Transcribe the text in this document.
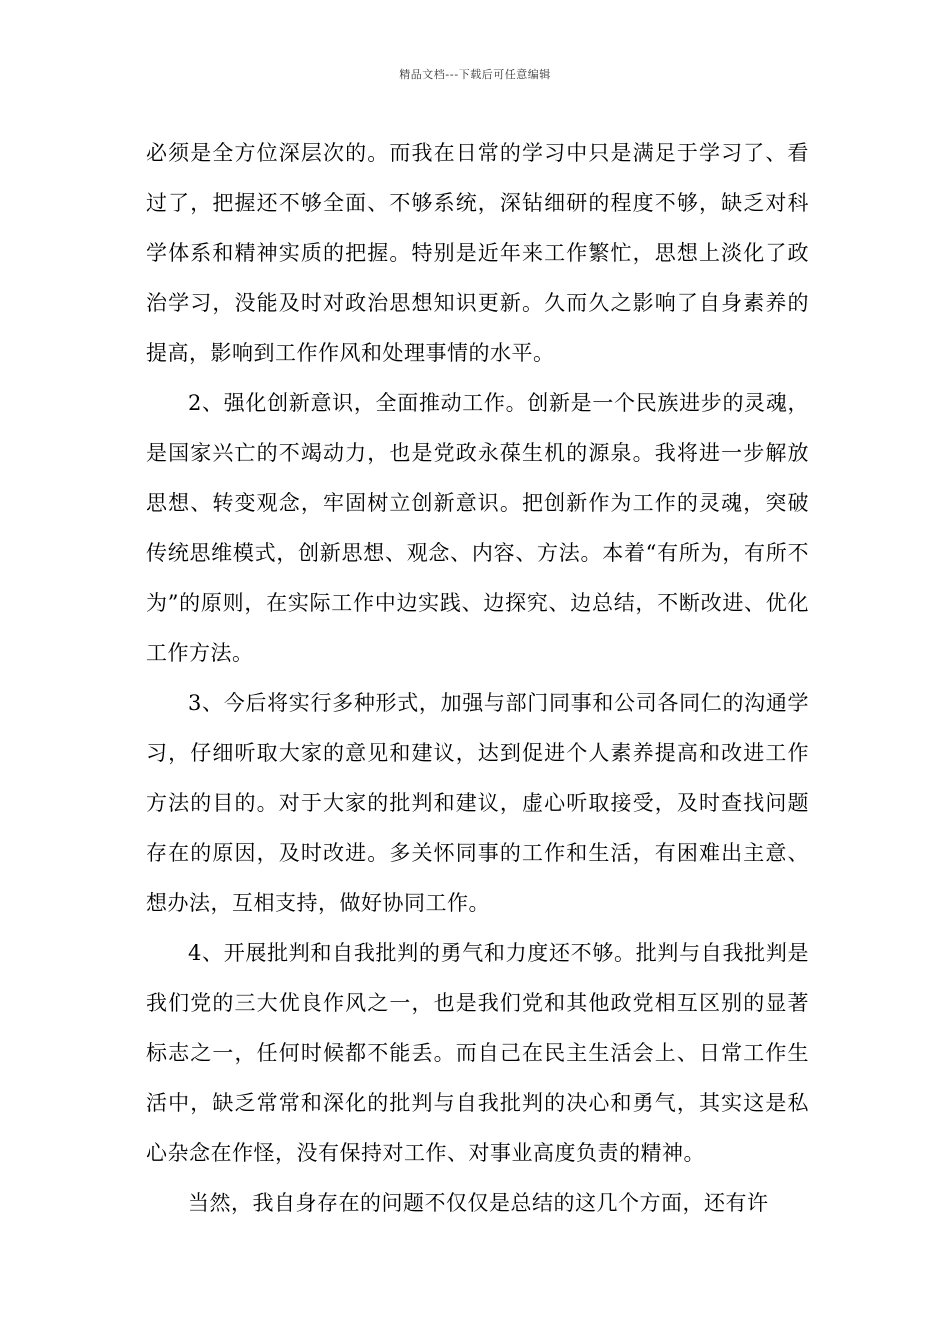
精品文档---下载后可任意编辑

必须是全方位深层次的。而我在日常的学习中只是满足于学习了、看过了，把握还不够全面、不够系统，深钻细研的程度不够，缺乏对科学体系和精神实质的把握。特别是近年来工作繁忙，思想上淡化了政治学习，没能及时对政治思想知识更新。久而久之影响了自身素养的提高，影响到工作作风和处理事情的水平。

2、强化创新意识，全面推动工作。创新是一个民族进步的灵魂，是国家兴亡的不竭动力，也是党政永葆生机的源泉。我将进一步解放思想、转变观念，牢固树立创新意识。把创新作为工作的灵魂，突破传统思维模式，创新思想、观念、内容、方法。本着“有所为，有所不为”的原则，在实际工作中边实践、边探究、边总结，不断改进、优化工作方法。

3、今后将实行多种形式，加强与部门同事和公司各同仁的沟通学习，仔细听取大家的意见和建议，达到促进个人素养提高和改进工作方法的目的。对于大家的批判和建议，虚心听取接受，及时查找问题存在的原因，及时改进。多关怀同事的工作和生活，有困难出主意、想办法，互相支持，做好协同工作。

4、开展批判和自我批判的勇气和力度还不够。批判与自我批判是我们党的三大优良作风之一，也是我们党和其他政党相互区别的显著标志之一，任何时候都不能丢。而自己在民主生活会上、日常工作生活中，缺乏常常和深化的批判与自我批判的决心和勇气，其实这是私心杂念在作怪，没有保持对工作、对事业高度负责的精神。

当然，我自身存在的问题不仅仅是总结的这几个方面，还有许
